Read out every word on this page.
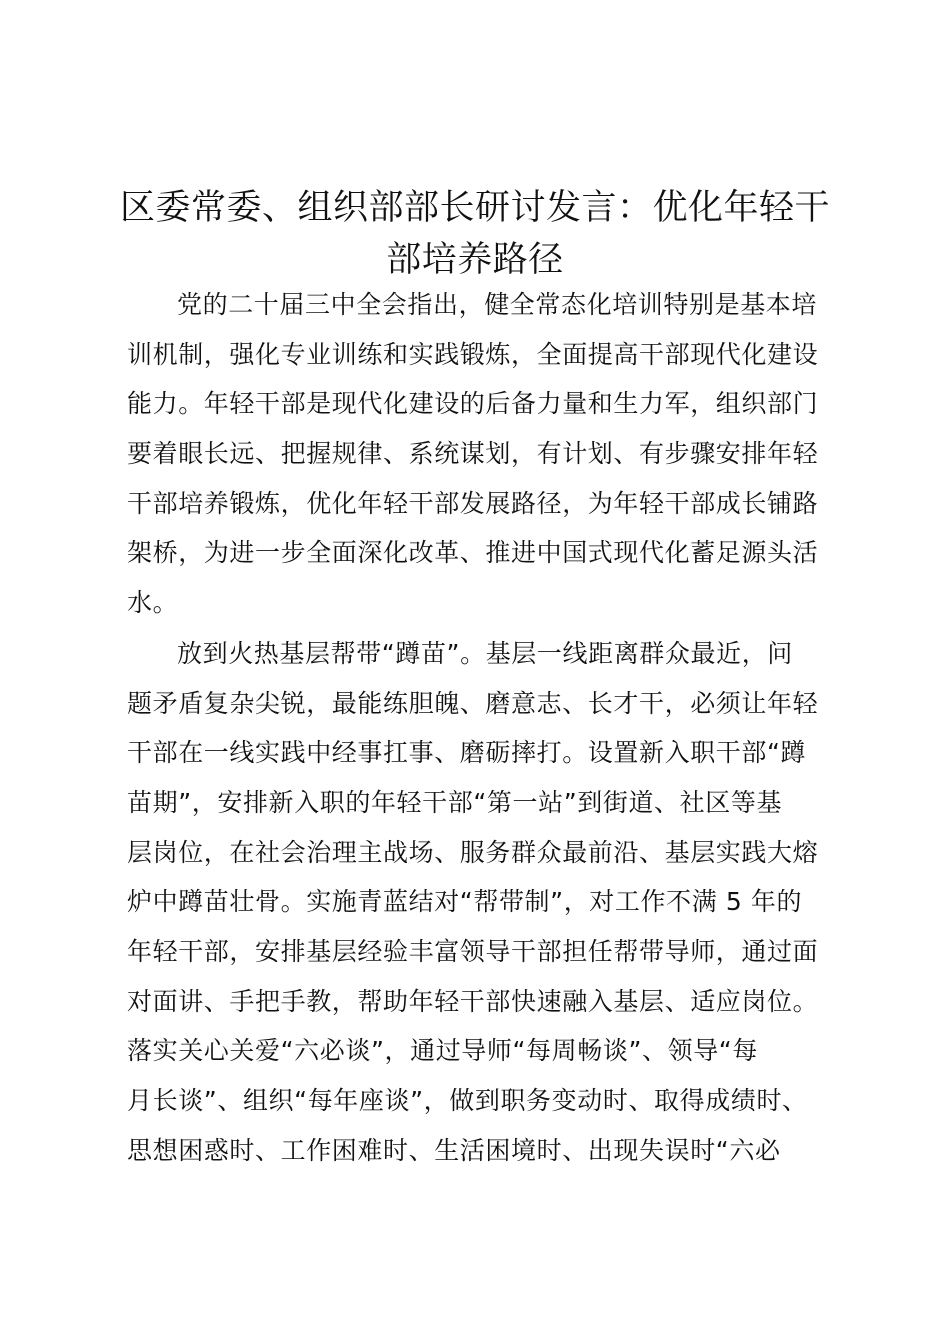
区委常委、组织部部长研讨发言：优化年轻干
部培养路径

党的二十届三中全会指出，健全常态化培训特别是基本培

训机制，强化专业训练和实践锻炼，全面提高干部现代化建设

能力。年轻干部是现代化建设的后备力量和生力军，组织部门

要着眼长远、把握规律、系统谋划，有计划、有步骤安排年轻

干部培养锻炼，优化年轻干部发展路径，为年轻干部成长铺路

架桥，为进一步全面深化改革、推进中国式现代化蓄足源头活

水。

放到火热基层帮带“蹲苗”。基层一线距离群众最近，问

题矛盾复杂尖锐，最能练胆魄、磨意志、长才干，必须让年轻

干部在一线实践中经事扛事、磨砺摔打。设置新入职干部“蹲

苗期”，安排新入职的年轻干部“第一站”到街道、社区等基

层岗位，在社会治理主战场、服务群众最前沿、基层实践大熔

炉中蹲苗壮骨。实施青蓝结对“帮带制”，对工作不满 5 年的

年轻干部，安排基层经验丰富领导干部担任帮带导师，通过面

对面讲、手把手教，帮助年轻干部快速融入基层、适应岗位。

落实关心关爱“六必谈”，通过导师“每周畅谈”、领导“每

月长谈”、组织“每年座谈”，做到职务变动时、取得成绩时、

思想困惑时、工作困难时、生活困境时、出现失误时“六必
